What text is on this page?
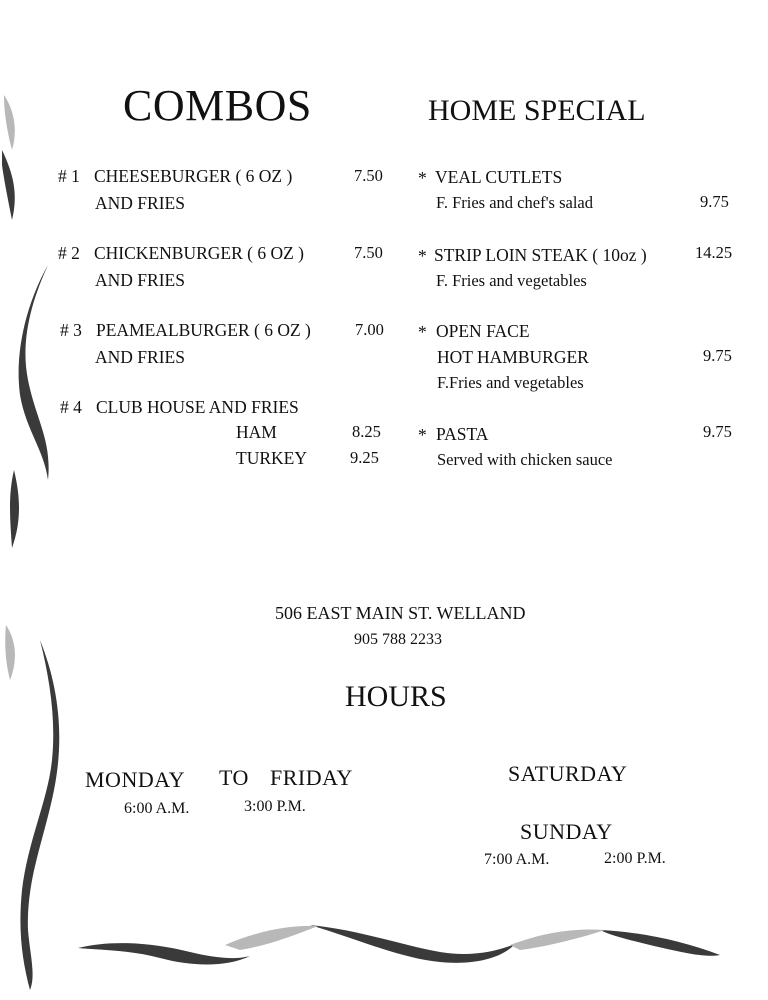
COMBOS
# 1 CHEESEBURGER ( 6 OZ )	7.50
AND FRIES
# 2 CHICKENBURGER ( 6 OZ )	7.50
AND FRIES
# 3 PEAMEALBURGER ( 6 OZ )	7.00
AND FRIES
# 4 CLUB HOUSE AND FRIES
HAM	8.25
TURKEY	9.25
HOME SPECIAL
* VEAL CUTLETS
F. Fries and chef's salad	9.75
* STRIP LOIN STEAK ( 10oz )	14.25
F. Fries and vegetables
* OPEN FACE
HOT HAMBURGER	9.75
F.Fries and vegetables
* PASTA	9.75
Served with chicken sauce
506 EAST MAIN ST. WELLAND
905 788 2233
HOURS
MONDAY TO FRIDAY
6:00 A.M.	3:00 P.M.
SATURDAY
SUNDAY
7:00 A.M.	2:00 P.M.
